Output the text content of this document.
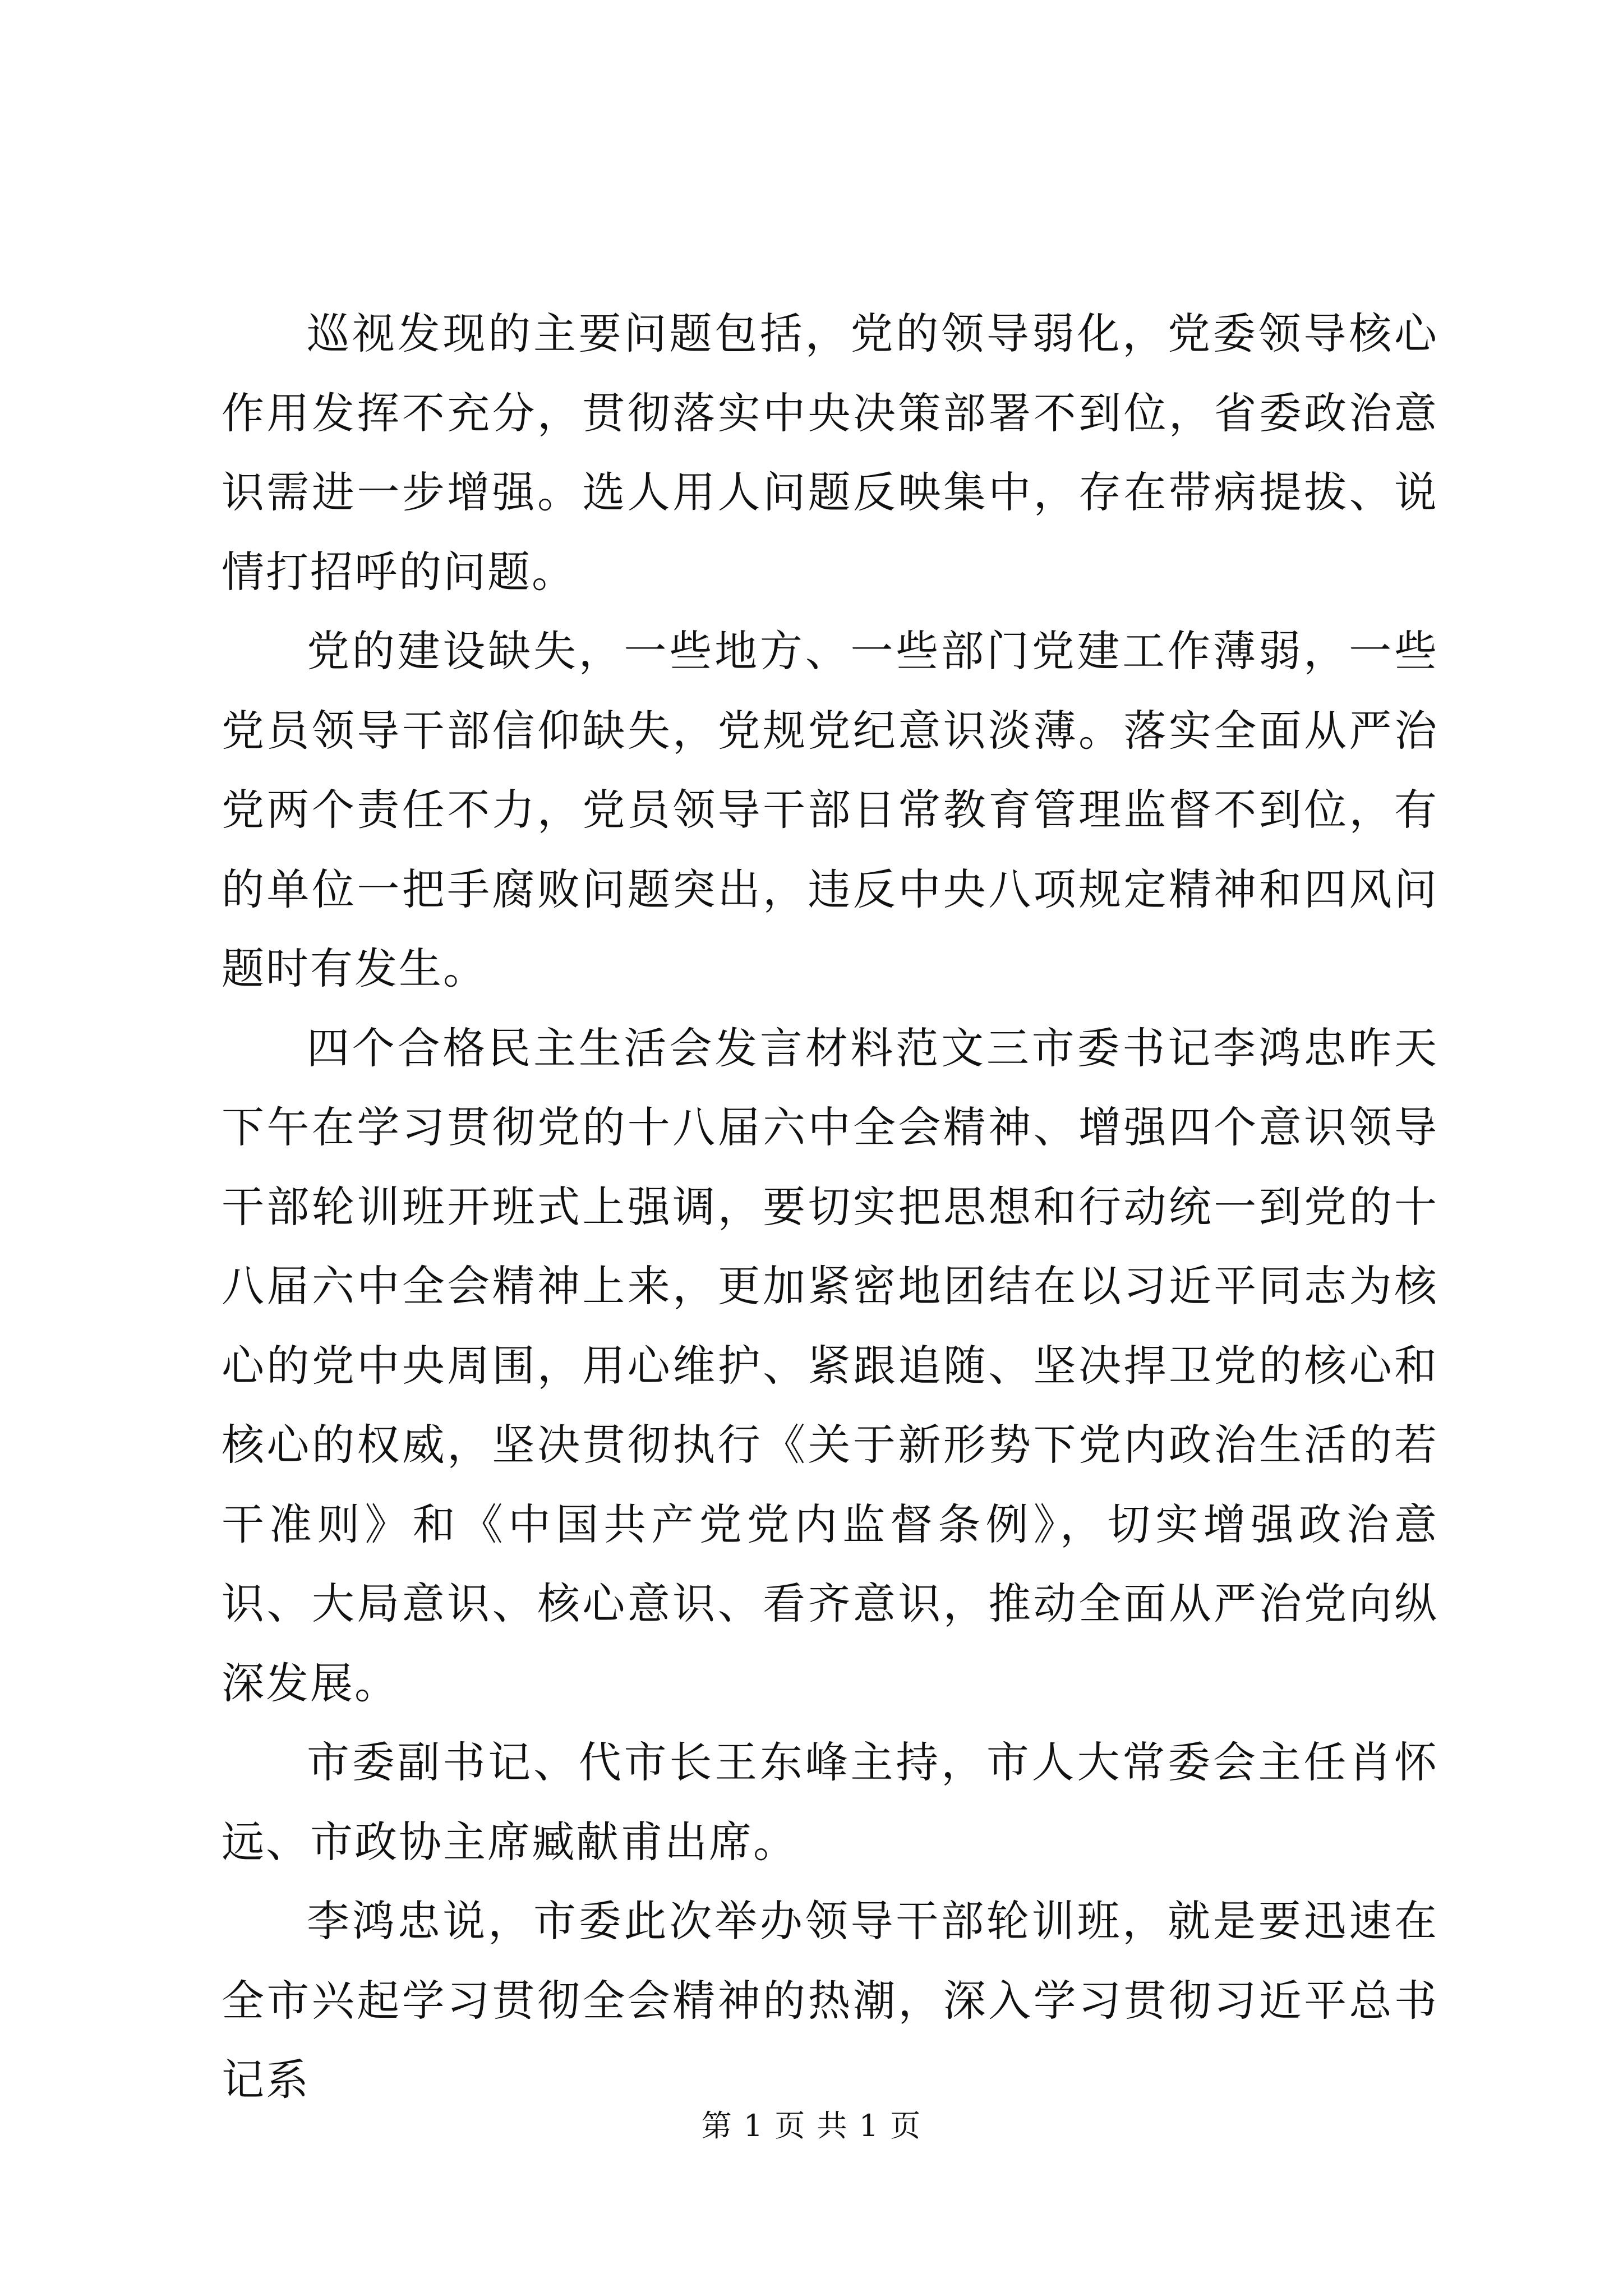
巡视发现的主要问题包括，党的领导弱化，党委领导核心作用发挥不充分，贯彻落实中央决策部署不到位，省委政治意识需进一步增强。选人用人问题反映集中，存在带病提拔、说情打招呼的问题。

党的建设缺失，一些地方、一些部门党建工作薄弱，一些党员领导干部信仰缺失，党规党纪意识淡薄。落实全面从严治党两个责任不力，党员领导干部日常教育管理监督不到位，有的单位一把手腐败问题突出，违反中央八项规定精神和四风问题时有发生。

四个合格民主生活会发言材料范文三市委书记李鸿忠昨天下午在学习贯彻党的十八届六中全会精神、增强四个意识领导干部轮训班开班式上强调，要切实把思想和行动统一到党的十八届六中全会精神上来，更加紧密地团结在以习近平同志为核心的党中央周围，用心维护、紧跟追随、坚决捍卫党的核心和核心的权威，坚决贯彻执行《关于新形势下党内政治生活的若干准则》和《中国共产党党内监督条例》，切实增强政治意识、大局意识、核心意识、看齐意识，推动全面从严治党向纵深发展。

市委副书记、代市长王东峰主持，市人大常委会主任肖怀远、市政协主席臧献甫出席。

李鸿忠说，市委此次举办领导干部轮训班，就是要迅速在全市兴起学习贯彻全会精神的热潮，深入学习贯彻习近平总书记系

第 1 页 共 1 页
